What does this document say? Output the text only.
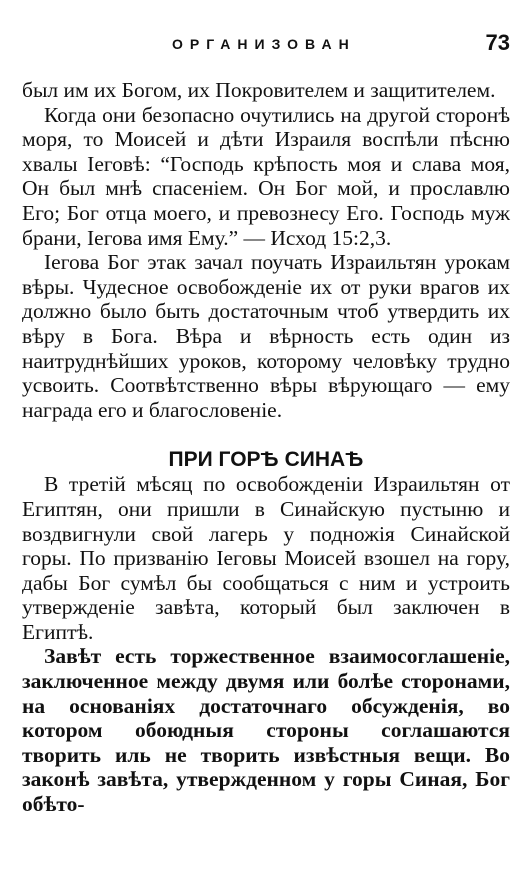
ОРГАНИЗОВАН	73

был им их Богом, их Покровителем и защитителем.

Когда они безопасно очутились на другой сторонѣ моря, то Моисей и дѣти Израиля воспѣли пѣсню хвалы Iеговѣ: “Господь крѣпость моя и слава моя, Он был мнѣ спасенiем. Он Бог мой, и прославлю Его; Бог отца моего, и превознесу Его. Господь муж брани, Iегова имя Ему.” — Исход 15:2,3.

Iегова Бог этак зачал поучать Израильтян урокам вѣры. Чудесное освобожденiе их от руки врагов их должно было быть достаточным чтоб утвердить их вѣру в Бога. Вѣра и вѣрность есть один из наитруднѣйших уроков, которому человѣку трудно усвоить. Соотвѣтственно вѣры вѣрующаго — ему награда его и благословенiе.

ПРИ ГОРѢ СИНАѢ

В третiй мѣсяц по освобожденiи Израильтян от Египтян, они пришли в Синайскую пустыню и воздвигнули свой лагерь у подножiя Синайской горы. По призванiю Iеговы Моисей взошел на гору, дабы Бог сумѣл бы сообщаться с ним и устроить утвержденiе завѣта, который был заключен в Египтѣ.

Завѣт есть торжественное взаимосоглашенiе, заключенное между двумя или болѣе сторонами, на основанiях достаточнаго обсужденiя, во котором обоюдныя стороны соглашаются творить иль не творить извѣстныя вещи. Во законѣ завѣта, утвержденном у горы Синая, Бог обѣто-
